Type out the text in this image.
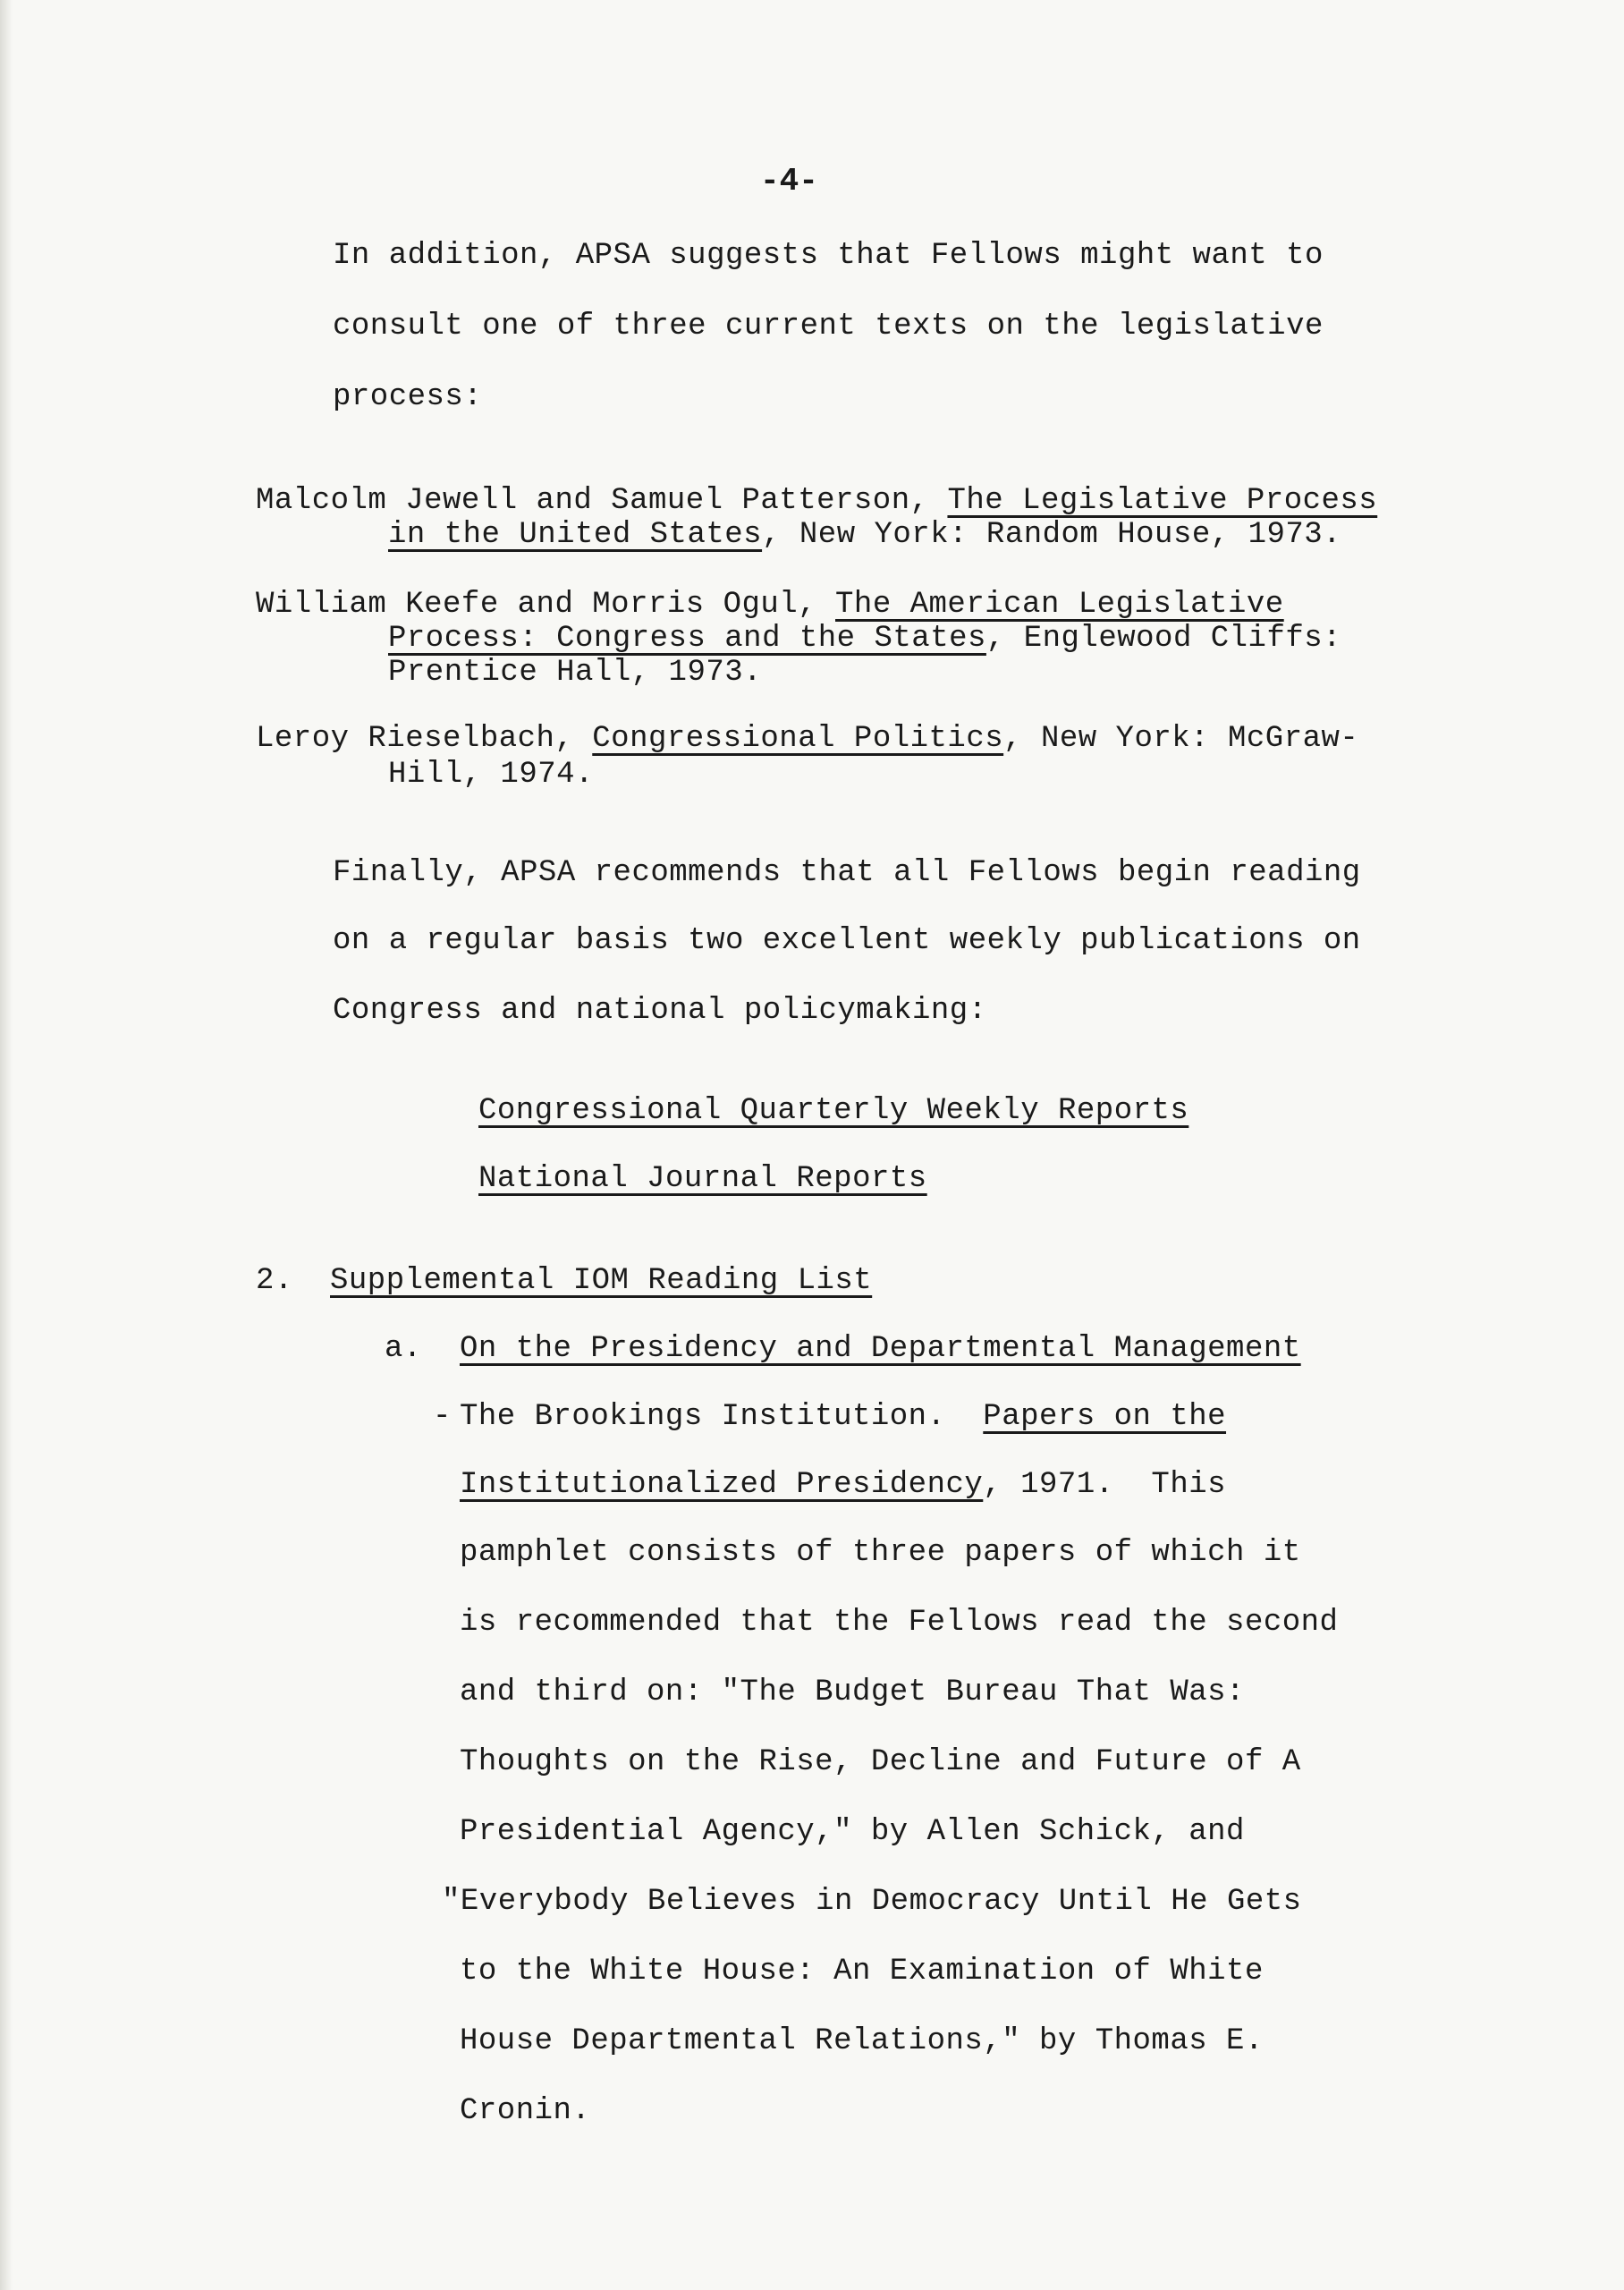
-4-
In addition, APSA suggests that Fellows might want to
consult one of three current texts on the legislative
process:
Malcolm Jewell and Samuel Patterson, The Legislative Process
in the United States, New York: Random House, 1973.
William Keefe and Morris Ogul, The American Legislative
Process: Congress and the States, Englewood Cliffs:
Prentice Hall, 1973.
Leroy Rieselbach, Congressional Politics, New York: McGraw-
Hill, 1974.
Finally, APSA recommends that all Fellows begin reading
on a regular basis two excellent weekly publications on
Congress and national policymaking:
Congressional Quarterly Weekly Reports
National Journal Reports
2. Supplemental IOM Reading List
a. On the Presidency and Departmental Management
- The Brookings Institution.  Papers on the
Institutionalized Presidency, 1971.  This
pamphlet consists of three papers of which it
is recommended that the Fellows read the second
and third on: "The Budget Bureau That Was:
Thoughts on the Rise, Decline and Future of A
Presidential Agency," by Allen Schick, and
"Everybody Believes in Democracy Until He Gets
to the White House: An Examination of White
House Departmental Relations," by Thomas E.
Cronin.
